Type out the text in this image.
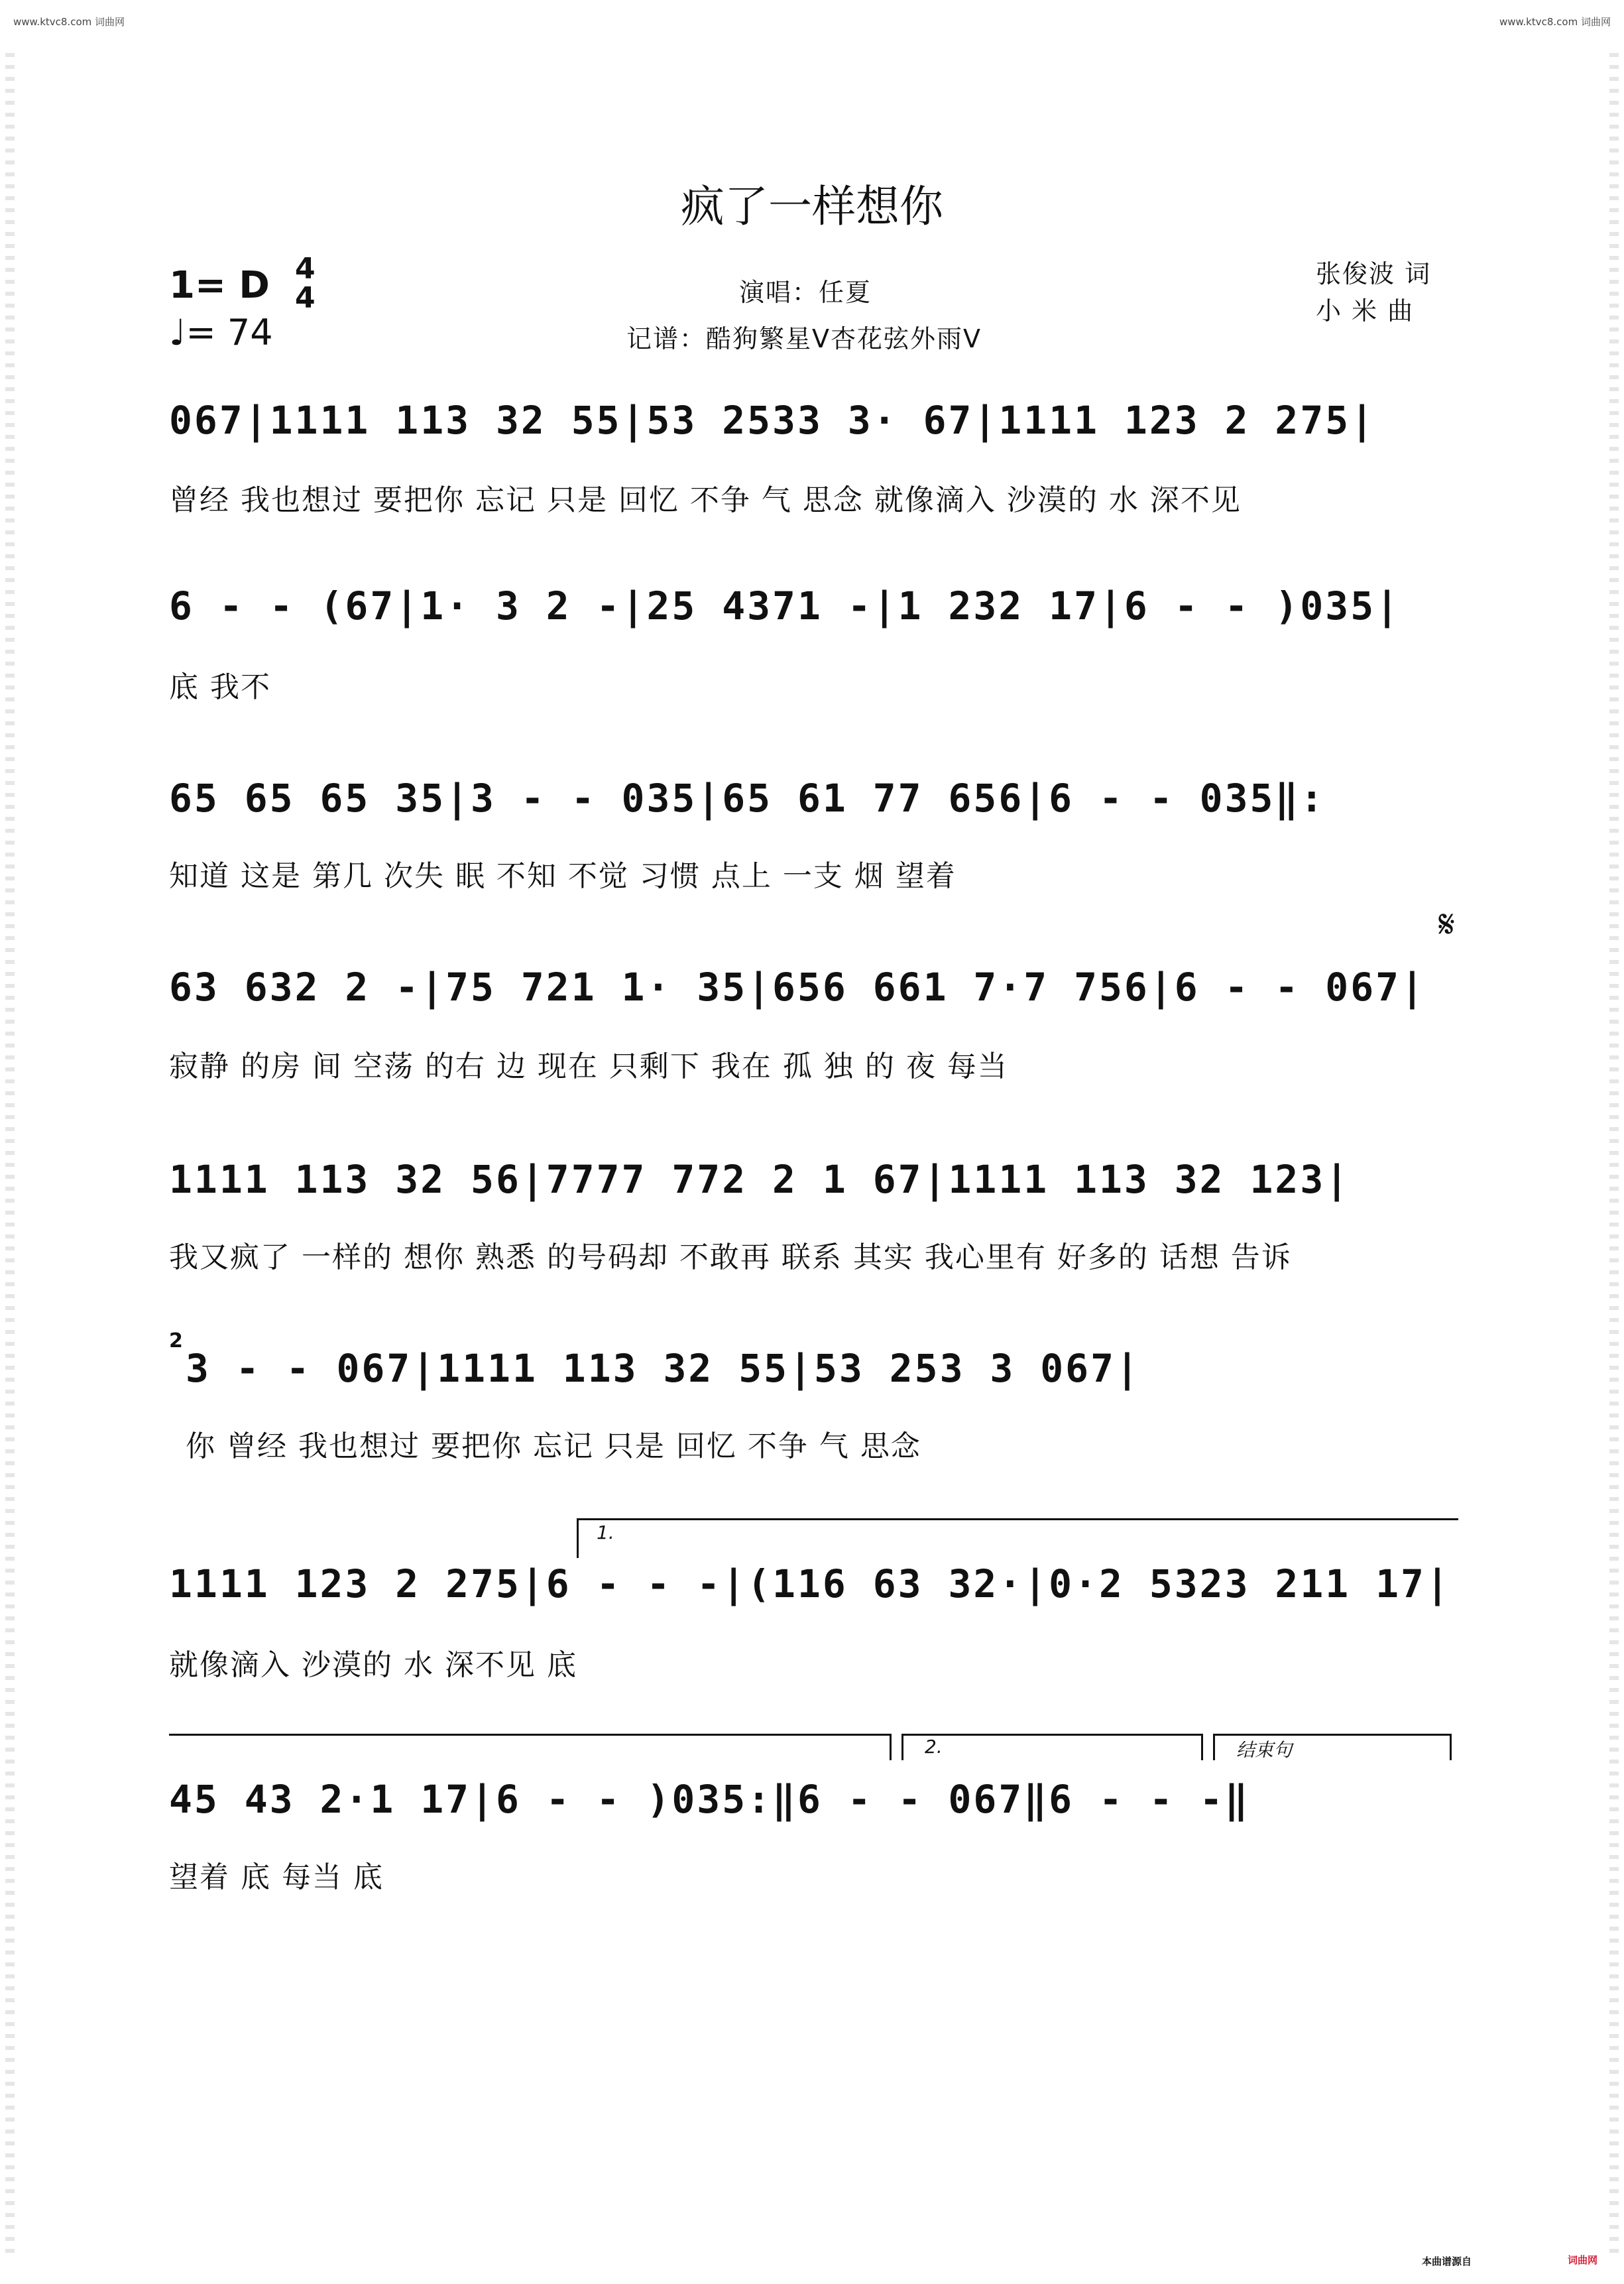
www.ktvc8.com 词曲网	www.ktvc8.com 词曲网
本曲谱源自	词曲网
疯了一样想你
1= D 4
4
♩= 74
演唱：任夏
记谱：酷狗繁星V杏花弦外雨V
张俊波 词
小 米 曲
067|1111 113 32 55|53 2533 3· 67|1111 123 2 275|
曾经 我也想过 要把你 忘记 只是 回忆 不争 气 思念 就像滴入 沙漠的 水 深不见
6 - - (67|1· 3 2 -|25 4371 -|1 232 17|6 - - )035|
底 我不
65 65 65 35|3 - - 035|65 61 77 656|6 - - 035‖:
知道 这是 第几 次失 眠 不知 不觉 习惯 点上 一支 烟 望着
𝄋
63 632 2 -|75 721 1· 35|656 661 7·7 756|6 - - 067|
寂静 的房 间 空荡 的右 边 现在 只剩下 我在 孤 独 的 夜 每当
1111 113 32 56|7777 772 2 1 67|1111 113 32 123|
我又疯了 一样的 想你 熟悉 的号码却 不敢再 联系 其实 我心里有 好多的 话想 告诉
2
3 - - 067|1111 113 32 55|53 253 3 067|
你 曾经 我也想过 要把你 忘记 只是 回忆 不争 气 思念
1.
1111 123 2 275|6 - - -|(116 63 32·|0·2 5323 211 17|
就像滴入 沙漠的 水 深不见 底
2.	结束句
45 43 2·1 17|6 - - )035:‖6 - - 067‖6 - - -‖
望着 底 每当 底
